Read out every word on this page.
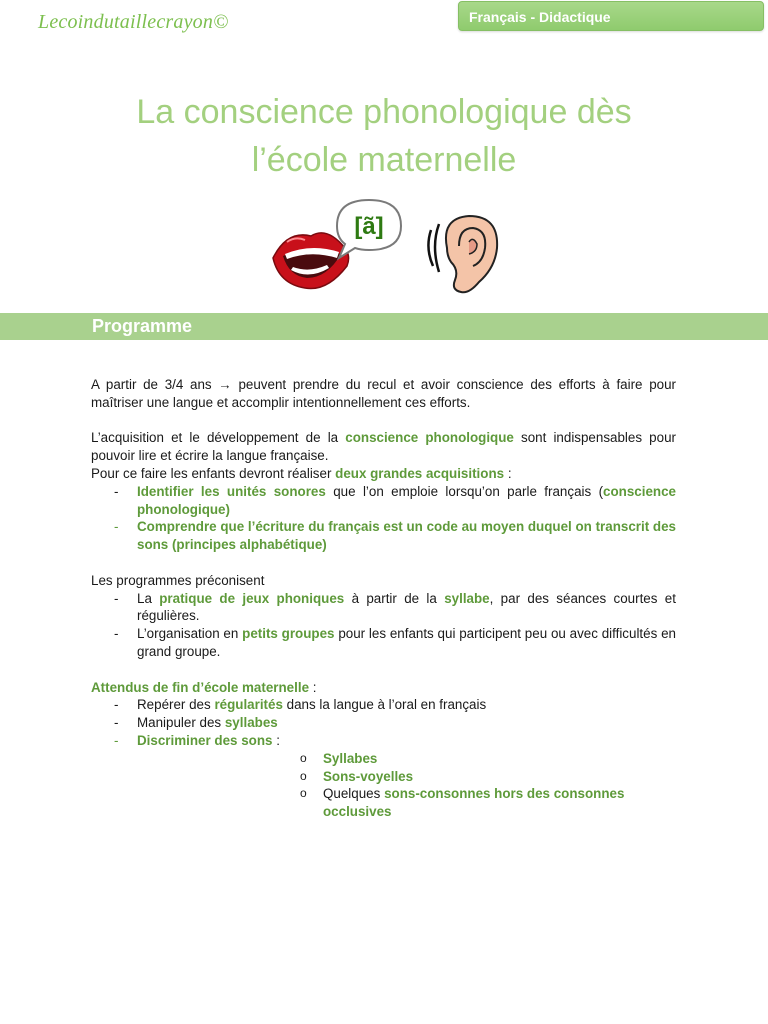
Lecoindutaillecrayon©	Français - Didactique
La conscience phonologique dès
l’école maternelle
[ã]
Programme

A partir de 3/4 ans → peuvent prendre du recul et avoir conscience des efforts à faire pour maîtriser une langue et accomplir intentionnellement ces efforts.

L’acquisition et le développement de la conscience phonologique sont indispensables pour pouvoir lire et écrire la langue française.

Pour ce faire les enfants devront réaliser deux grandes acquisitions :

- Identifier les unités sonores que l’on emploie lorsqu’on parle français (conscience phonologique)
- Comprendre que l’écriture du français est un code au moyen duquel on transcrit des sons (principes alphabétique)

Les programmes préconisent

- La pratique de jeux phoniques à partir de la syllabe, par des séances courtes et régulières.
- L’organisation en petits groupes pour les enfants qui participent peu ou avec difficultés en grand groupe.

Attendus de fin d’école maternelle :

- Repérer des régularités dans la langue à l’oral en français
- Manipuler des syllabes
- Discriminer des sons :
o Syllabes
o Sons-voyelles
o Quelques sons-consonnes hors des consonnes occlusives
